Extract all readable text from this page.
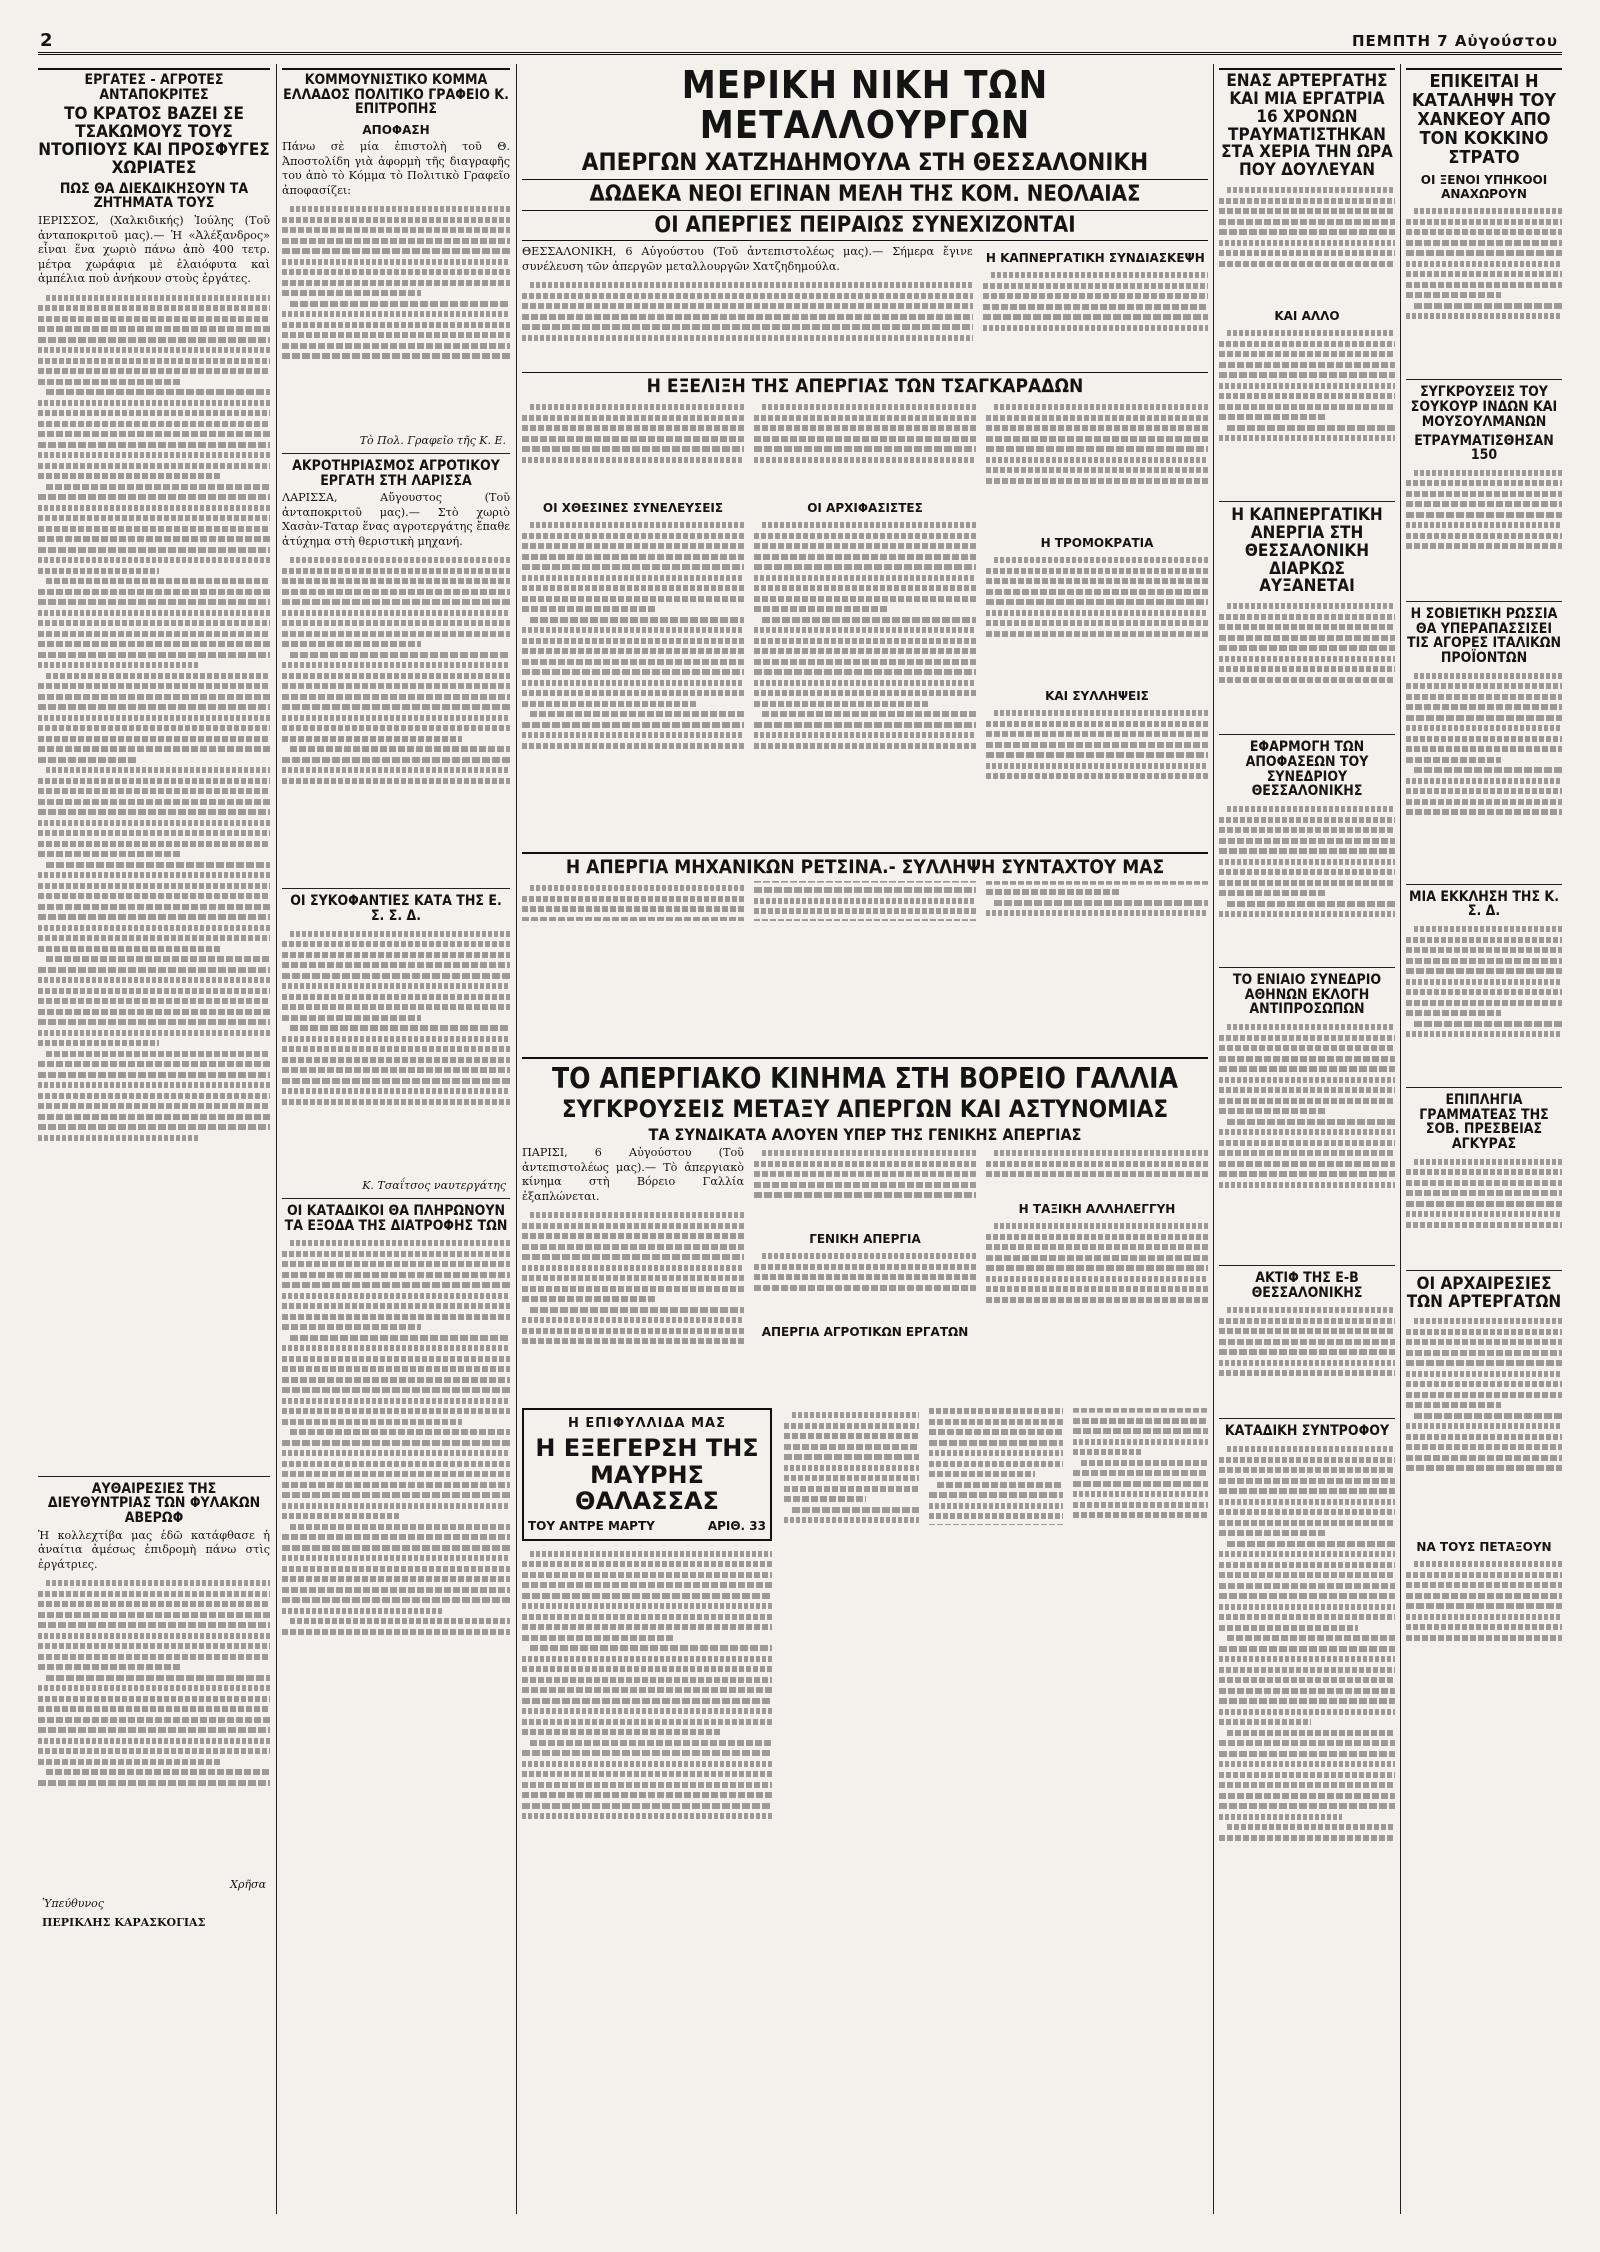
2	ΠΕΜΠΤΗ 7 Αὐγούστου
ΕΡΓΑΤΕΣ - ΑΓΡΟΤΕΣ ΑΝΤΑΠΟΚΡΙΤΕΣ
ΤΟ ΚΡΑΤΟΣ ΒΑΖΕΙ ΣΕ ΤΣΑΚΩΜΟΥΣ ΤΟΥΣ ΝΤΟΠΙΟΥΣ ΚΑΙ ΠΡΟΣΦΥΓΕΣ ΧΩΡΙΑΤΕΣ
ΠΩΣ ΘΑ ΔΙΕΚΔΙΚΗΣΟΥΝ ΤΑ ΖΗΤΗΜΑΤΑ ΤΟΥΣ

ΙΕΡΙΣΣΟΣ, (Χαλκιδικής) Ἰούλης (Τοῦ ἀνταποκριτοῦ μας).— Ἡ «Ἀλέξανδρος» εἶναι ἕνα χωριὸ πάνω ἀπὸ 400 τετρ. μέτρα χωράφια μὲ ἐλαιόφυτα καὶ ἀμπέλια ποὺ ἀνήκουν στοὺς ἐργάτες.

ΑΥΘΑΙΡΕΣΙΕΣ ΤΗΣ ΔΙΕΥΘΥΝΤΡΙΑΣ ΤΩΝ ΦΥΛΑΚΩΝ ΑΒΕΡΩΦ

Ἡ κολλεχτίβα μας ἐδῶ κατάφθασε ἡ ἀναίτια ἀμέσως ἐπιδρομὴ πάνω στὶς ἐργάτριες.

Χρῆσα
Ὑπεύθυνος
ΠΕΡΙΚΛΗΣ ΚΑΡΑΣΚΟΓΙΑΣ
ΚΟΜΜΟΥΝΙΣΤΙΚΟ ΚΟΜΜΑ ΕΛΛΑΔΟΣ ΠΟΛΙΤΙΚΟ ΓΡΑΦΕΙΟ Κ. ΕΠΙΤΡΟΠΗΣ
ΑΠΟΦΑΣΗ

Πάνω σὲ μία ἐπιστολὴ τοῦ Θ. Ἀποστολίδη γιὰ ἀφορμὴ τῆς διαγραφῆς του ἀπὸ τὸ Κόμμα τὸ Πολιτικὸ Γραφεῖο ἀποφασίζει:

Τὸ Πολ. Γραφεῖο τῆς Κ. Ε.
ΑΚΡΟΤΗΡΙΑΣΜΟΣ ΑΓΡΟΤΙΚΟΥ ΕΡΓΑΤΗ ΣΤΗ ΛΑΡΙΣΣΑ

ΛΑΡΙΣΣΑ, Αὔγουστος (Τοῦ ἀνταποκριτοῦ μας).— Στὸ χωριὸ Χασὰν-Ταταρ ἕνας αγροτεργάτης ἔπαθε ἀτύχημα στὴ θεριστικὴ μηχανή.

ΟΙ ΣΥΚΟΦΑΝΤΙΕΣ ΚΑΤΑ ΤΗΣ Ε. Σ. Σ. Δ.
Κ. Τσαΐτσος ναυτεργάτης
ΟΙ ΚΑΤΑΔΙΚΟΙ ΘΑ ΠΛΗΡΩΝΟΥΝ ΤΑ ΕΞΟΔΑ ΤΗΣ ΔΙΑΤΡΟΦΗΣ ΤΩΝ
ΜΕΡΙΚΗ ΝΙΚΗ ΤΩΝ ΜΕΤΑΛΛΟΥΡΓΩΝ
ΑΠΕΡΓΩΝ ΧΑΤΖΗΔΗΜΟΥΛΑ ΣΤΗ ΘΕΣΣΑΛΟΝΙΚΗ
ΔΩΔΕΚΑ ΝΕΟΙ ΕΓΙΝΑΝ ΜΕΛΗ ΤΗΣ ΚΟΜ. ΝΕΟΛΑΙΑΣ
ΟΙ ΑΠΕΡΓΙΕΣ ΠΕΙΡΑΙΩΣ ΣΥΝΕΧΙΖΟΝΤΑΙ

ΘΕΣΣΑΛΟΝΙΚΗ, 6 Αὐγούστου (Τοῦ ἀντεπιστολέως μας).— Σήμερα ἔγινε συνέλευση τῶν ἀπεργῶν μεταλλουργῶν Χατζηδημούλα.

Η ΚΑΠΝΕΡΓΑΤΙΚΗ ΣΥΝΔΙΑΣΚΕΨΗ
Η ΕΞΕΛΙΞΗ ΤΗΣ ΑΠΕΡΓΙΑΣ ΤΩΝ ΤΣΑΓΚΑΡΑΔΩΝ
ΟΙ ΧΘΕΣΙΝΕΣ ΣΥΝΕΛΕΥΣΕΙΣ	ΟΙ ΑΡΧΙΦΑΣΙΣΤΕΣ
Η ΤΡΟΜΟΚΡΑΤΙΑ
ΚΑΙ ΣΥΛΛΗΨΕΙΣ
Η ΑΠΕΡΓΙΑ ΜΗΧΑΝΙΚΩΝ ΡΕΤΣΙΝΑ.- ΣΥΛΛΗΨΗ ΣΥΝΤΑΧΤΟΥ ΜΑΣ
ΤΟ ΑΠΕΡΓΙΑΚΟ ΚΙΝΗΜΑ ΣΤΗ ΒΟΡΕΙΟ ΓΑΛΛΙΑ
ΣΥΓΚΡΟΥΣΕΙΣ ΜΕΤΑΞΥ ΑΠΕΡΓΩΝ ΚΑΙ ΑΣΤΥΝΟΜΙΑΣ
ΤΑ ΣΥΝΔΙΚΑΤΑ ΑΛΟΥΕΝ ΥΠΕΡ ΤΗΣ ΓΕΝΙΚΗΣ ΑΠΕΡΓΙΑΣ

ΠΑΡΙΣΙ, 6 Αὐγούστου (Τοῦ ἀντεπιστολέως μας).— Τὸ ἀπεργιακὸ κίνημα στὴ Βόρειο Γαλλία ἐξαπλώνεται.

ΓΕΝΙΚΗ ΑΠΕΡΓΙΑ
ΑΠΕΡΓΙΑ ΑΓΡΟΤΙΚΩΝ ΕΡΓΑΤΩΝ
Η ΤΑΞΙΚΗ ΑΛΛΗΛΕΓΓΥΗ
Η ΕΠΙΦΥΛΛΙΔΑ ΜΑΣ
Η ΕΞΕΓΕΡΣΗ ΤΗΣ ΜΑΥΡΗΣ ΘΑΛΑΣΣΑΣ
ΤΟΥ ΑΝΤΡΕ ΜΑΡΤΥ	ΑΡΙΘ. 33
ΕΝΑΣ ΑΡΤΕΡΓΑΤΗΣ ΚΑΙ ΜΙΑ ΕΡΓΑΤΡΙΑ 16 ΧΡΟΝΩΝ ΤΡΑΥΜΑΤΙΣΤΗΚΑΝ ΣΤΑ ΧΕΡΙΑ ΤΗΝ ΩΡΑ ΠΟΥ ΔΟΥΛΕΥΑΝ
ΚΑΙ ΑΛΛΟ
Η ΚΑΠΝΕΡΓΑΤΙΚΗ ΑΝΕΡΓΙΑ ΣΤΗ ΘΕΣΣΑΛΟΝΙΚΗ ΔΙΑΡΚΩΣ ΑΥΞΑΝΕΤΑΙ
ΕΦΑΡΜΟΓΗ ΤΩΝ ΑΠΟΦΑΣΕΩΝ ΤΟΥ ΣΥΝΕΔΡΙΟΥ ΘΕΣΣΑΛΟΝΙΚΗΣ
ΤΟ ΕΝΙΑΙΟ ΣΥΝΕΔΡΙΟ ΑΘΗΝΩΝ ΕΚΛΟΓΗ ΑΝΤΙΠΡΟΣΩΠΩΝ
ΑΚΤΙΦ ΤΗΣ Ε-Β ΘΕΣΣΑΛΟΝΙΚΗΣ
ΚΑΤΑΔΙΚΗ ΣΥΝΤΡΟΦΟΥ
ΕΠΙΚΕΙΤΑΙ Η ΚΑΤΑΛΗΨΗ ΤΟΥ ΧΑΝΚΕΟΥ ΑΠΟ ΤΟΝ ΚΟΚΚΙΝΟ ΣΤΡΑΤΟ
ΟΙ ΞΕΝΟΙ ΥΠΗΚΟΟΙ ΑΝΑΧΩΡΟΥΝ
ΣΥΓΚΡΟΥΣΕΙΣ ΤΟΥ ΣΟΥΚΟΥΡ ΙΝΔΩΝ ΚΑΙ ΜΟΥΣΟΥΛΜΑΝΩΝ
ΕΤΡΑΥΜΑΤΙΣΘΗΣΑΝ 150
Η ΣΟΒΙΕΤΙΚΗ ΡΩΣΣΙΑ ΘΑ ΥΠΕΡΑΠΑΣΣΙΣΕΙ ΤΙΣ ΑΓΟΡΕΣ ΙΤΑΛΙΚΩΝ ΠΡΟΪΟΝΤΩΝ
ΜΙΑ ΕΚΚΛΗΣΗ ΤΗΣ Κ. Σ. Δ.
ΕΠΙΠΛΗΓΙΑ ΓΡΑΜΜΑΤΕΑΣ ΤΗΣ ΣΟΒ. ΠΡΕΣΒΕΙΑΣ ΑΓΚΥΡΑΣ
ΟΙ ΑΡΧΑΙΡΕΣΙΕΣ ΤΩΝ ΑΡΤΕΡΓΑΤΩΝ
ΝΑ ΤΟΥΣ ΠΕΤΑΞΟΥΝ
